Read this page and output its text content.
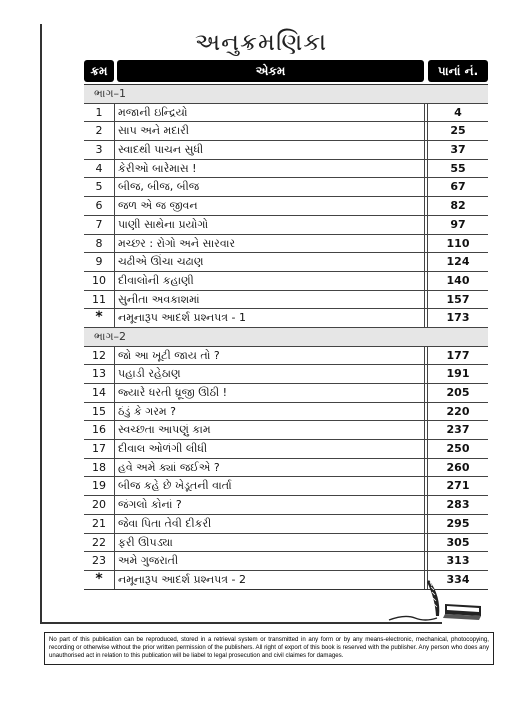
અનુક્રમણિકા
ક્રમ	એકમ	પાનાં નં.
ભાગ–1
1	મજાની ઇન્દ્રિયો	4
2	સાપ અને મદારી	25
3	સ્વાદથી પાચન સુધી	37
4	કેરીઓ બારેમાસ !	55
5	બીજ, બીજ, બીજ	67
6	જળ એ જ જીવન	82
7	પાણી સાથેના પ્રયોગો	97
8	મચ્છર : રોગો અને સારવાર	110
9	ચઢીએ ઊંચા ચઢાણ	124
10	દીવાલોની કહાણી	140
11	સુનીતા અવકાશમાં	157
*	નમૂનારૂપ આદર્શ પ્રશ્નપત્ર - 1	173
ભાગ–2
12	જો આ ખૂટી જાય તો ?	177
13	પહાડી રહેઠાણ	191
14	જ્યારે ધરતી ધ્રૂજી ઊઠી !	205
15	ઠંડું કે ગરમ ?	220
16	સ્વચ્છતા આપણું કામ	237
17	દીવાલ ઓળંગી લીધી	250
18	હવે અમે ક્યાં જઈએ ?	260
19	બીજ કહે છે ખેડૂતની વાર્તા	271
20	જંગલો કોનાં ?	283
21	જેવા પિતા તેવી દીકરી	295
22	ફરી ઊપડ્યા	305
23	અમે ગુજરાતી	313
*	નમૂનારૂપ આદર્શ પ્રશ્નપત્ર - 2	334
No part of this publication can be reproduced, stored in a retrieval system or transmitted in any form or by any means-electronic, mechanical, photocopying, recording or otherwise without the prior written permission of the publishers. All right of export of this book is reserved with the publisher. Any person who does any unauthorised act in relation to this publication will be liabel to legal prosecution and civil claimes for damages.
